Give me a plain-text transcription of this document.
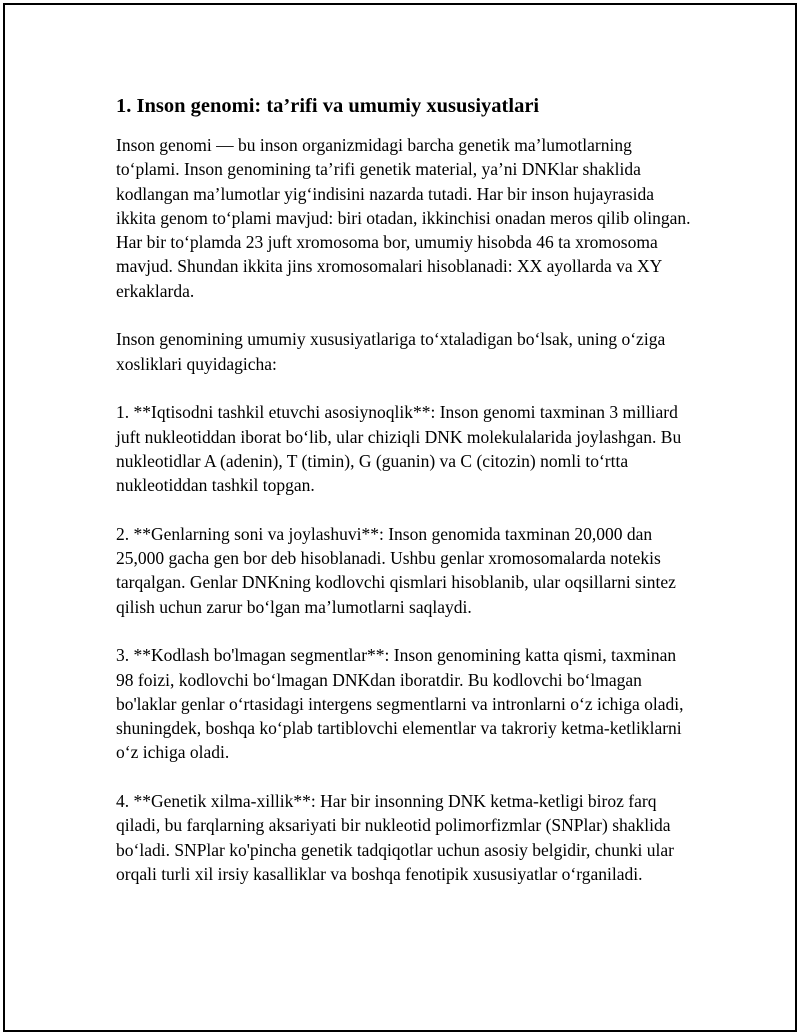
1. Inson genomi: ta’rifi va umumiy xususiyatlari

Inson genomi — bu inson organizmidagi barcha genetik ma’lumotlarning to‘plami. Inson genomining ta’rifi genetik material, ya’ni DNKlar shaklida kodlangan ma’lumotlar yig‘indisini nazarda tutadi. Har bir inson hujayrasida ikkita genom to‘plami mavjud: biri otadan, ikkinchisi onadan meros qilib olingan. Har bir to‘plamda 23 juft xromosoma bor, umumiy hisobda 46 ta xromosoma mavjud. Shundan ikkita jins xromosomalari hisoblanadi: XX ayollarda va XY erkaklarda.

Inson genomining umumiy xususiyatlariga to‘xtaladigan bo‘lsak, uning o‘ziga xosliklari quyidagicha:

1. **Iqtisodni tashkil etuvchi asosiynoqlik**: Inson genomi taxminan 3 milliard juft nukleotiddan iborat bo‘lib, ular chiziqli DNK molekulalarida joylashgan. Bu nukleotidlar A (adenin), T (timin), G (guanin) va C (citozin) nomli to‘rtta nukleotiddan tashkil topgan.

2. **Genlarning soni va joylashuvi**: Inson genomida taxminan 20,000 dan 25,000 gacha gen bor deb hisoblanadi. Ushbu genlar xromosomalarda notekis tarqalgan. Genlar DNKning kodlovchi qismlari hisoblanib, ular oqsillarni sintez qilish uchun zarur bo‘lgan ma’lumotlarni saqlaydi.

3. **Kodlash bo'lmagan segmentlar**: Inson genomining katta qismi, taxminan 98 foizi, kodlovchi bo‘lmagan DNKdan iboratdir. Bu kodlovchi bo‘lmagan bo'laklar genlar o‘rtasidagi intergens segmentlarni va intronlarni o‘z ichiga oladi, shuningdek, boshqa ko‘plab tartiblovchi elementlar va takroriy ketma-ketliklarni o‘z ichiga oladi.

4. **Genetik xilma-xillik**: Har bir insonning DNK ketma-ketligi biroz farq qiladi, bu farqlarning aksariyati bir nukleotid polimorfizmlar (SNPlar) shaklida bo‘ladi. SNPlar ko'pincha genetik tadqiqotlar uchun asosiy belgidir, chunki ular orqali turli xil irsiy kasalliklar va boshqa fenotipik xususiyatlar o‘rganiladi.
